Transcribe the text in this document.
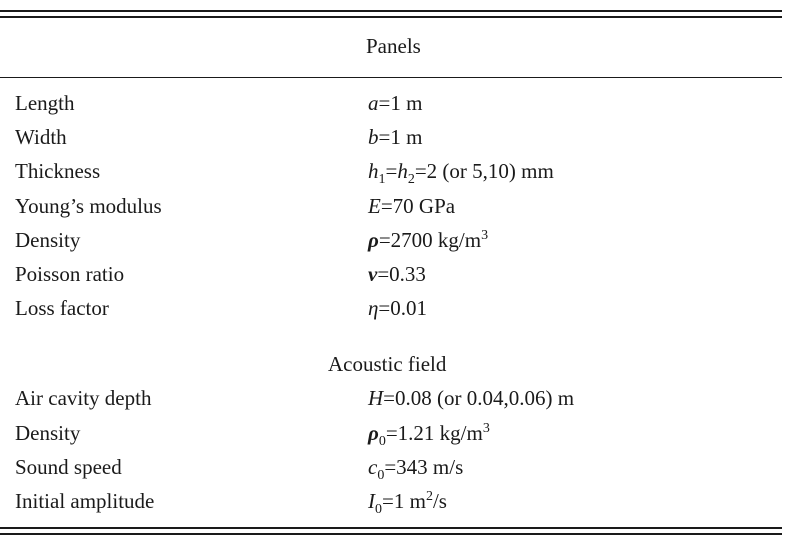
Panels
Length	a=1 m
Width	b=1 m
Thickness	$h_1=h_2=2$ (or 5,10) mm
Young’s modulus	E=70 GPa
Density	ρ=2700 $kg/m^3$
Poisson ratio	ν=0.33
Loss factor	η=0.01
Acoustic field
Air cavity depth	H=0.08 (or 0.04,0.06) m
Density	$\rho_0=1.21$ $kg/m^3$
Sound speed	$c_0=343$ m/s
Initial amplitude	$I_0=1$ $m^2/s$
